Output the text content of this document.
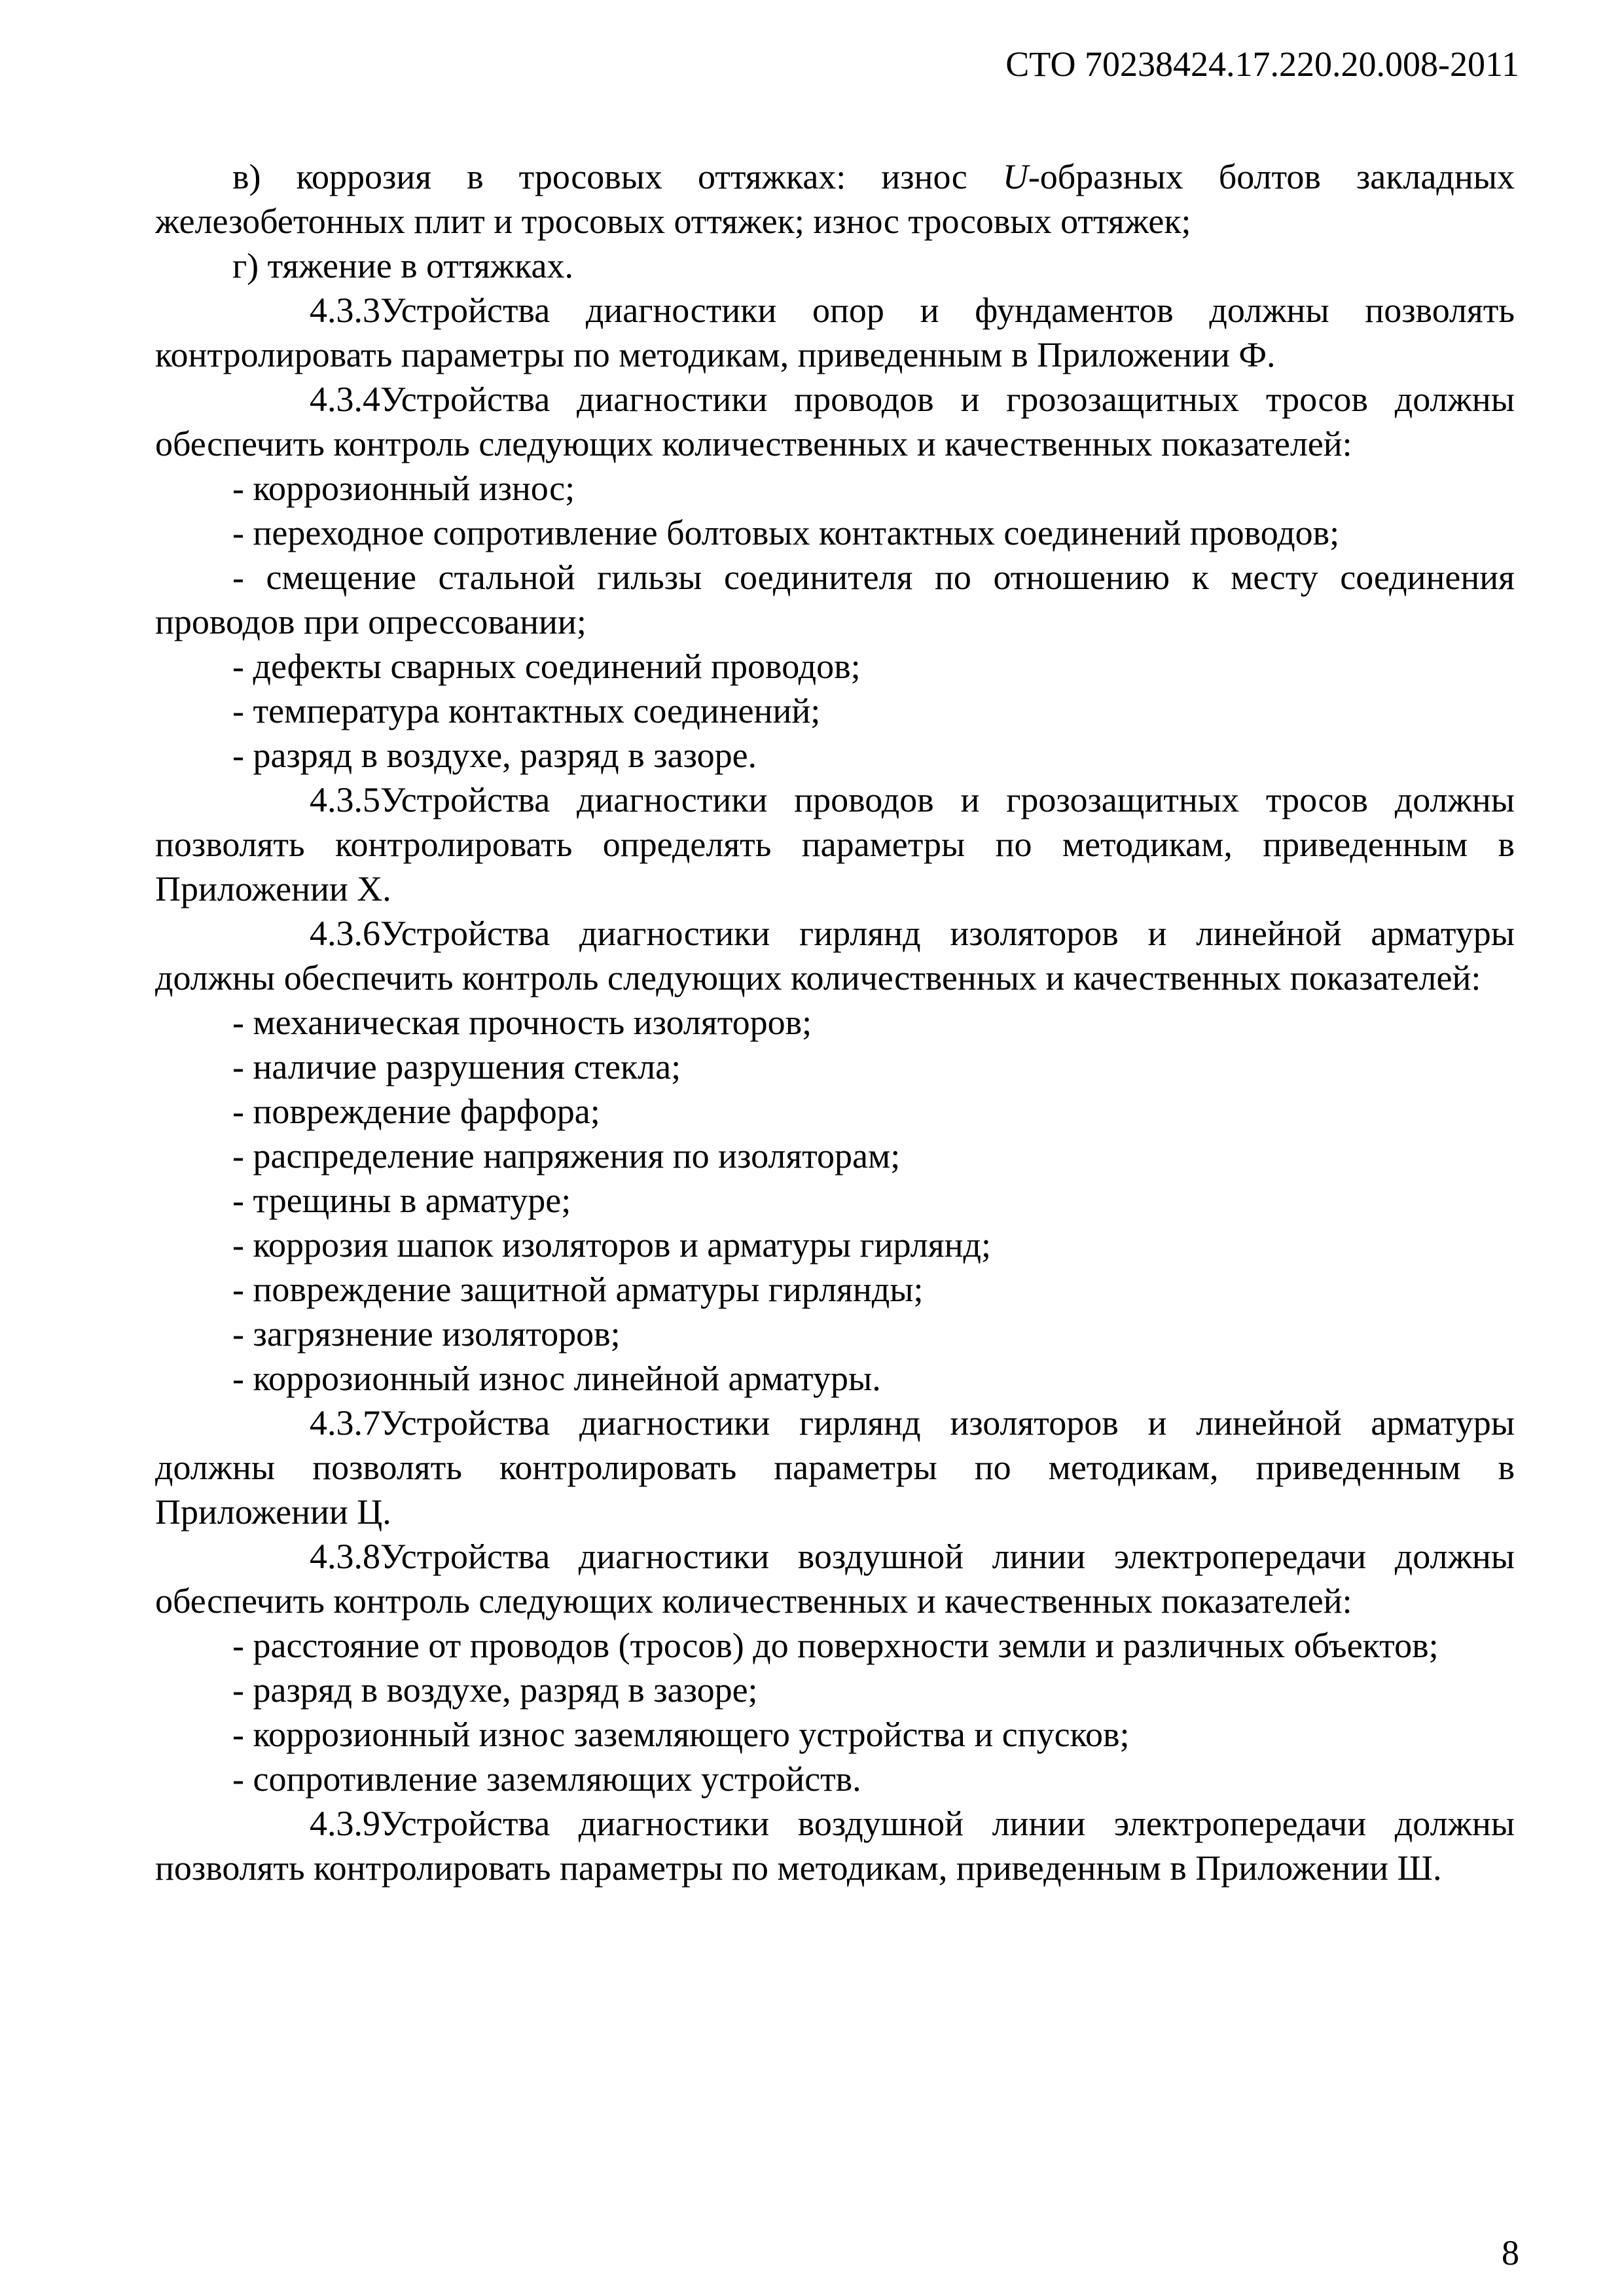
СТО 70238424.17.220.20.008-2011

в) коррозия в тросовых оттяжках: износ U-образных болтов закладных железобетонных плит и тросовых оттяжек; износ тросовых оттяжек;

г) тяжение в оттяжках.

4.3.3Устройства диагностики опор и фундаментов должны позволять контролировать параметры по методикам, приведенным в Приложении Ф.

4.3.4Устройства диагностики проводов и грозозащитных тросов должны обеспечить контроль следующих количественных и качественных показателей:

- коррозионный износ;

- переходное сопротивление болтовых контактных соединений проводов;

- смещение стальной гильзы соединителя по отношению к месту соединения проводов при опрессовании;

- дефекты сварных соединений проводов;

- температура контактных соединений;

- разряд в воздухе, разряд в зазоре.

4.3.5Устройства диагностики проводов и грозозащитных тросов должны позволять контролировать определять параметры по методикам, приведенным в Приложении Х.

4.3.6Устройства диагностики гирлянд изоляторов и линейной арматуры должны обеспечить контроль следующих количественных и качественных показателей:

- механическая прочность изоляторов;

- наличие разрушения стекла;

- повреждение фарфора;

- распределение напряжения по изоляторам;

- трещины в арматуре;

- коррозия шапок изоляторов и арматуры гирлянд;

- повреждение защитной арматуры гирлянды;

- загрязнение изоляторов;

- коррозионный износ линейной арматуры.

4.3.7Устройства диагностики гирлянд изоляторов и линейной арматуры должны позволять контролировать параметры по методикам, приведенным в Приложении Ц.

4.3.8Устройства диагностики воздушной линии электропередачи должны обеспечить контроль следующих количественных и качественных показателей:

- расстояние от проводов (тросов) до поверхности земли и различных объектов;

- разряд в воздухе, разряд в зазоре;

- коррозионный износ заземляющего устройства и спусков;

- сопротивление заземляющих устройств.

4.3.9Устройства диагностики воздушной линии электропередачи должны позволять контролировать параметры по методикам, приведенным в Приложении Ш.

8
